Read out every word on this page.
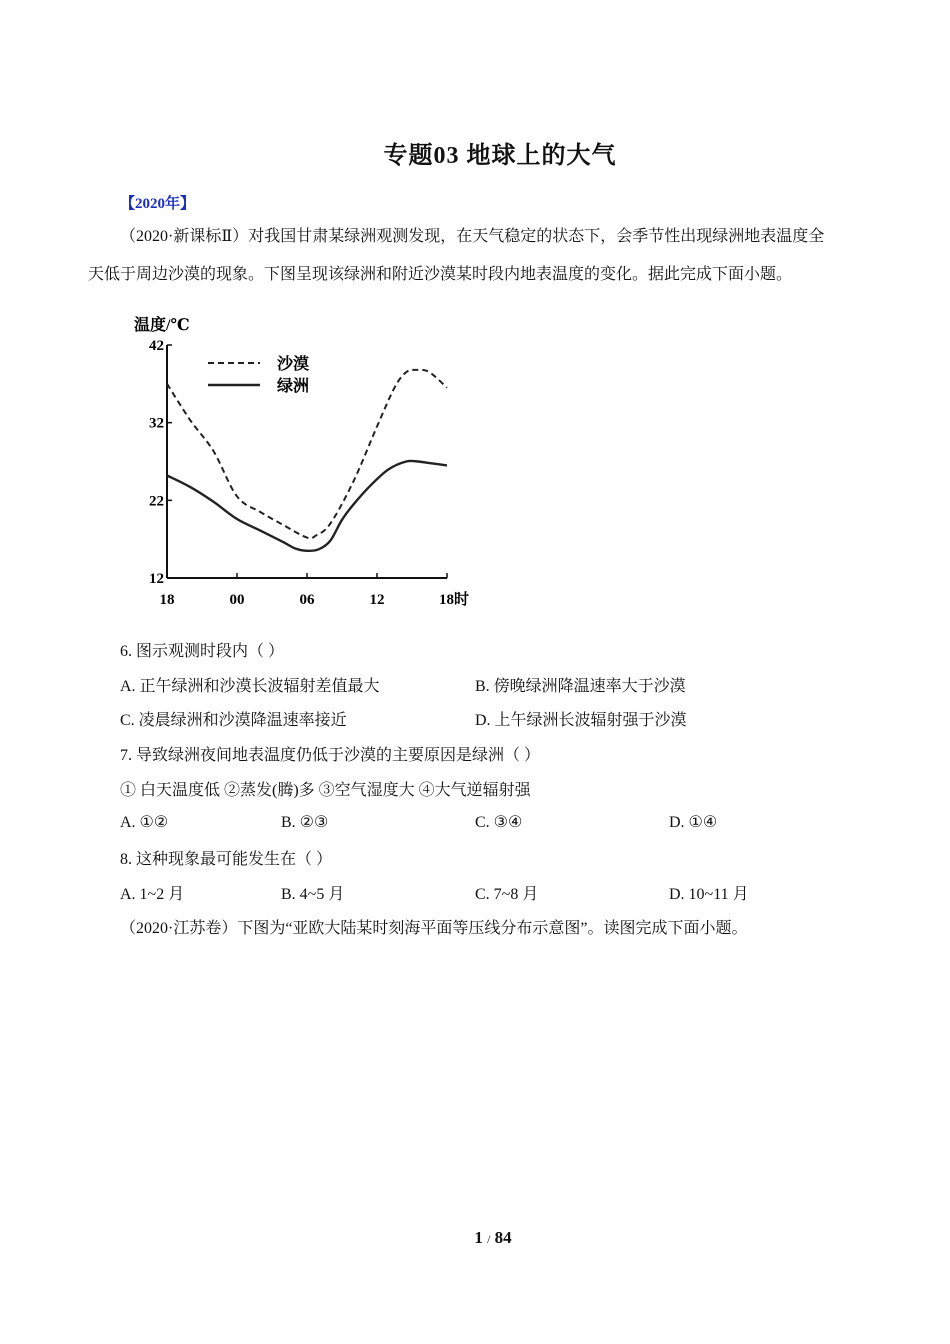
专题03 地球上的大气
【2020年】
（2020·新课标Ⅱ）对我国甘肃某绿洲观测发现，在天气稳定的状态下，会季节性出现绿洲地表温度全
天低于周边沙漠的现象。下图呈现该绿洲和附近沙漠某时段内地表温度的变化。据此完成下面小题。
温度/℃
12
22
32
42
18	00	06	12	18时
沙漠
绿洲
6. 图示观测时段内（ ）
A. 正午绿洲和沙漠长波辐射差值最大	B. 傍晚绿洲降温速率大于沙漠
C. 凌晨绿洲和沙漠降温速率接近	D. 上午绿洲长波辐射强于沙漠
7. 导致绿洲夜间地表温度仍低于沙漠的主要原因是绿洲（ ）
① 白天温度低 ②蒸发(腾)多 ③空气湿度大 ④大气逆辐射强
A. ①②	B. ②③	C. ③④	D. ①④
8. 这种现象最可能发生在（ ）
A. 1~2 月	B. 4~5 月	C. 7~8 月	D. 10~11 月
（2020·江苏卷）下图为“亚欧大陆某时刻海平面等压线分布示意图”。读图完成下面小题。
1 / 84
